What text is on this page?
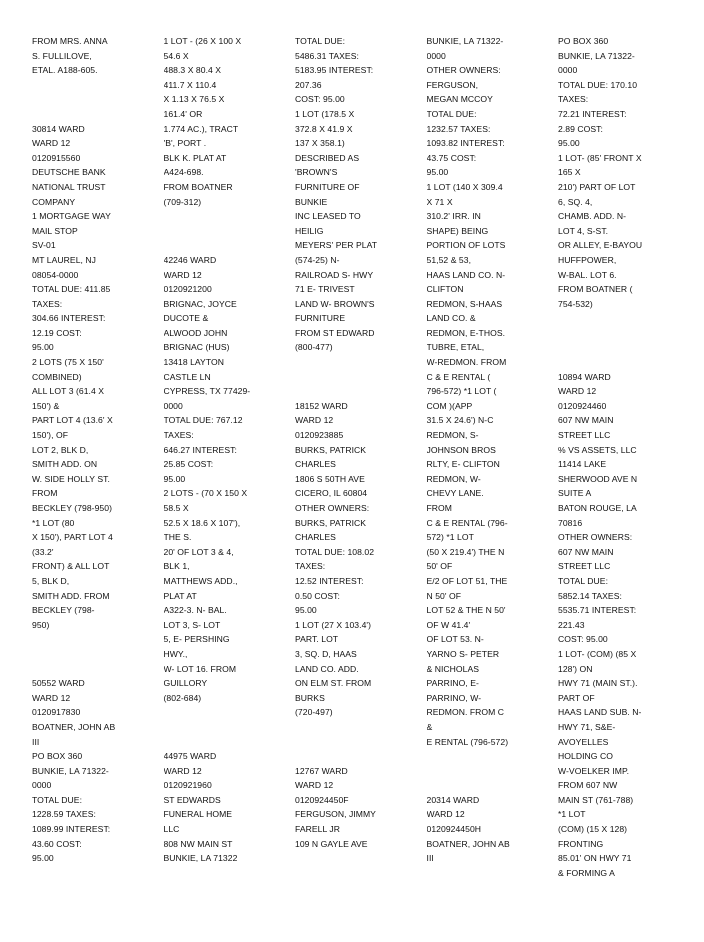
FROM MRS. ANNA
S. FULLILOVE,
ETAL. A188-605.
30814 WARD
WARD 12
0120915560
DEUTSCHE BANK
NATIONAL TRUST
COMPANY
1 MORTGAGE WAY
MAIL STOP
SV-01
MT LAUREL, NJ
08054-0000
TOTAL DUE: 411.85
TAXES:
304.66 INTEREST:
12.19 COST:
95.00
2 LOTS (75 X 150'
COMBINED)
ALL LOT 3 (61.4 X
150') &
PART LOT 4 (13.6' X
150'), OF
LOT 2, BLK D,
SMITH ADD. ON
W. SIDE HOLLY ST.
FROM
BECKLEY (798-950)
*1 LOT (80
X 150'), PART LOT 4
(33.2'
FRONT) & ALL LOT
5, BLK D,
SMITH ADD. FROM
BECKLEY (798-
950)
50552 WARD
WARD 12
0120917830
BOATNER, JOHN AB
III
PO BOX 360
BUNKIE, LA 71322-
0000
TOTAL DUE:
1228.59 TAXES:
1089.99 INTEREST:
43.60 COST:
95.00
1 LOT - (26 X 100 X
54.6 X
488.3 X 80.4 X
411.7 X 110.4
X 1.13 X 76.5 X
161.4' OR
1.774 AC.), TRACT
'B', PORT .
BLK K. PLAT AT
A424-698.
FROM BOATNER
(709-312)
42246 WARD
WARD 12
0120921200
BRIGNAC, JOYCE
DUCOTE &
ALWOOD JOHN
BRIGNAC (HUS)
13418 LAYTON
CASTLE LN
CYPRESS, TX 77429-
0000
TOTAL DUE: 767.12
TAXES:
646.27 INTEREST:
25.85 COST:
95.00
2 LOTS - (70 X 150 X
58.5 X
52.5 X 18.6 X 107'),
THE S.
20' OF LOT 3 & 4,
BLK 1,
MATTHEWS ADD.,
PLAT AT
A322-3. N- BAL.
LOT 3, S- LOT
5, E- PERSHING
HWY.,
W- LOT 16. FROM
GUILLORY
(802-684)
44975 WARD
WARD 12
0120921960
ST EDWARDS
FUNERAL HOME
LLC
808 NW MAIN ST
BUNKIE, LA 71322
TOTAL DUE:
5486.31 TAXES:
5183.95 INTEREST:
207.36
COST: 95.00
1 LOT (178.5 X
372.8 X 41.9 X
137 X 358.1)
DESCRIBED AS
'BROWN'S
FURNITURE OF
BUNKIE
INC LEASED TO
HEILIG
MEYERS' PER PLAT
(574-25) N-
RAILROAD S- HWY
71 E- TRIVEST
LAND W- BROWN'S
FURNITURE
FROM ST EDWARD
(800-477)
18152 WARD
WARD 12
0120923885
BURKS, PATRICK
CHARLES
1806 S 50TH AVE
CICERO, IL 60804
OTHER OWNERS:
BURKS, PATRICK
CHARLES
TOTAL DUE: 108.02
TAXES:
12.52 INTEREST:
0.50 COST:
95.00
1 LOT (27 X 103.4')
PART. LOT
3, SQ. D, HAAS
LAND CO. ADD.
ON ELM ST. FROM
BURKS
(720-497)
12767 WARD
WARD 12
0120924450F
FERGUSON, JIMMY
FARELL JR
109 N GAYLE AVE
BUNKIE, LA 71322-
0000
OTHER OWNERS:
FERGUSON,
MEGAN MCCOY
TOTAL DUE:
1232.57 TAXES:
1093.82 INTEREST:
43.75 COST:
95.00
1 LOT (140 X 309.4
X 71 X
310.2' IRR. IN
SHAPE) BEING
PORTION OF LOTS
51,52 & 53,
HAAS LAND CO. N-
CLIFTON
REDMON, S-HAAS
LAND CO. &
REDMON, E-THOS.
TUBRE, ETAL,
W-REDMON. FROM
C & E RENTAL (
796-572) *1 LOT (
COM )(APP
31.5 X 24.6') N-C
REDMON, S-
JOHNSON BROS
RLTY, E- CLIFTON
REDMON, W-
CHEVY LANE.
FROM
C & E RENTAL (796-
572) *1 LOT
(50 X 219.4') THE N
50' OF
E/2 OF LOT 51, THE
N 50' OF
LOT 52 & THE N 50'
OF W 41.4'
OF LOT 53. N-
YARNO S- PETER
& NICHOLAS
PARRINO, E-
PARRINO, W-
REDMON. FROM C
&
E RENTAL (796-572)
20314 WARD
WARD 12
0120924450H
BOATNER, JOHN AB
III
PO BOX 360
BUNKIE, LA 71322-
0000
TOTAL DUE: 170.10
TAXES:
72.21 INTEREST:
2.89 COST:
95.00
1 LOT- (85' FRONT X
165 X
210') PART OF LOT
6, SQ. 4,
CHAMB. ADD. N-
LOT 4, S-ST.
OR ALLEY, E-BAYOU
HUFFPOWER,
W-BAL. LOT 6.
FROM BOATNER (
754-532)
10894 WARD
WARD 12
0120924460
607 NW MAIN
STREET LLC
% VS ASSETS, LLC
11414 LAKE
SHERWOOD AVE N
SUITE A
BATON ROUGE, LA
70816
OTHER OWNERS:
607 NW MAIN
STREET LLC
TOTAL DUE:
5852.14 TAXES:
5535.71 INTEREST:
221.43
COST: 95.00
1 LOT- (COM) (85 X
128') ON
HWY 71 (MAIN ST.).
PART OF
HAAS LAND SUB. N-
HWY 71, S&E-
AVOYELLES
HOLDING CO
W-VOELKER IMP.
FROM 607 NW
MAIN ST (761-788)
*1 LOT
(COM) (15 X 128)
FRONTING
85.01' ON HWY 71
& FORMING A
